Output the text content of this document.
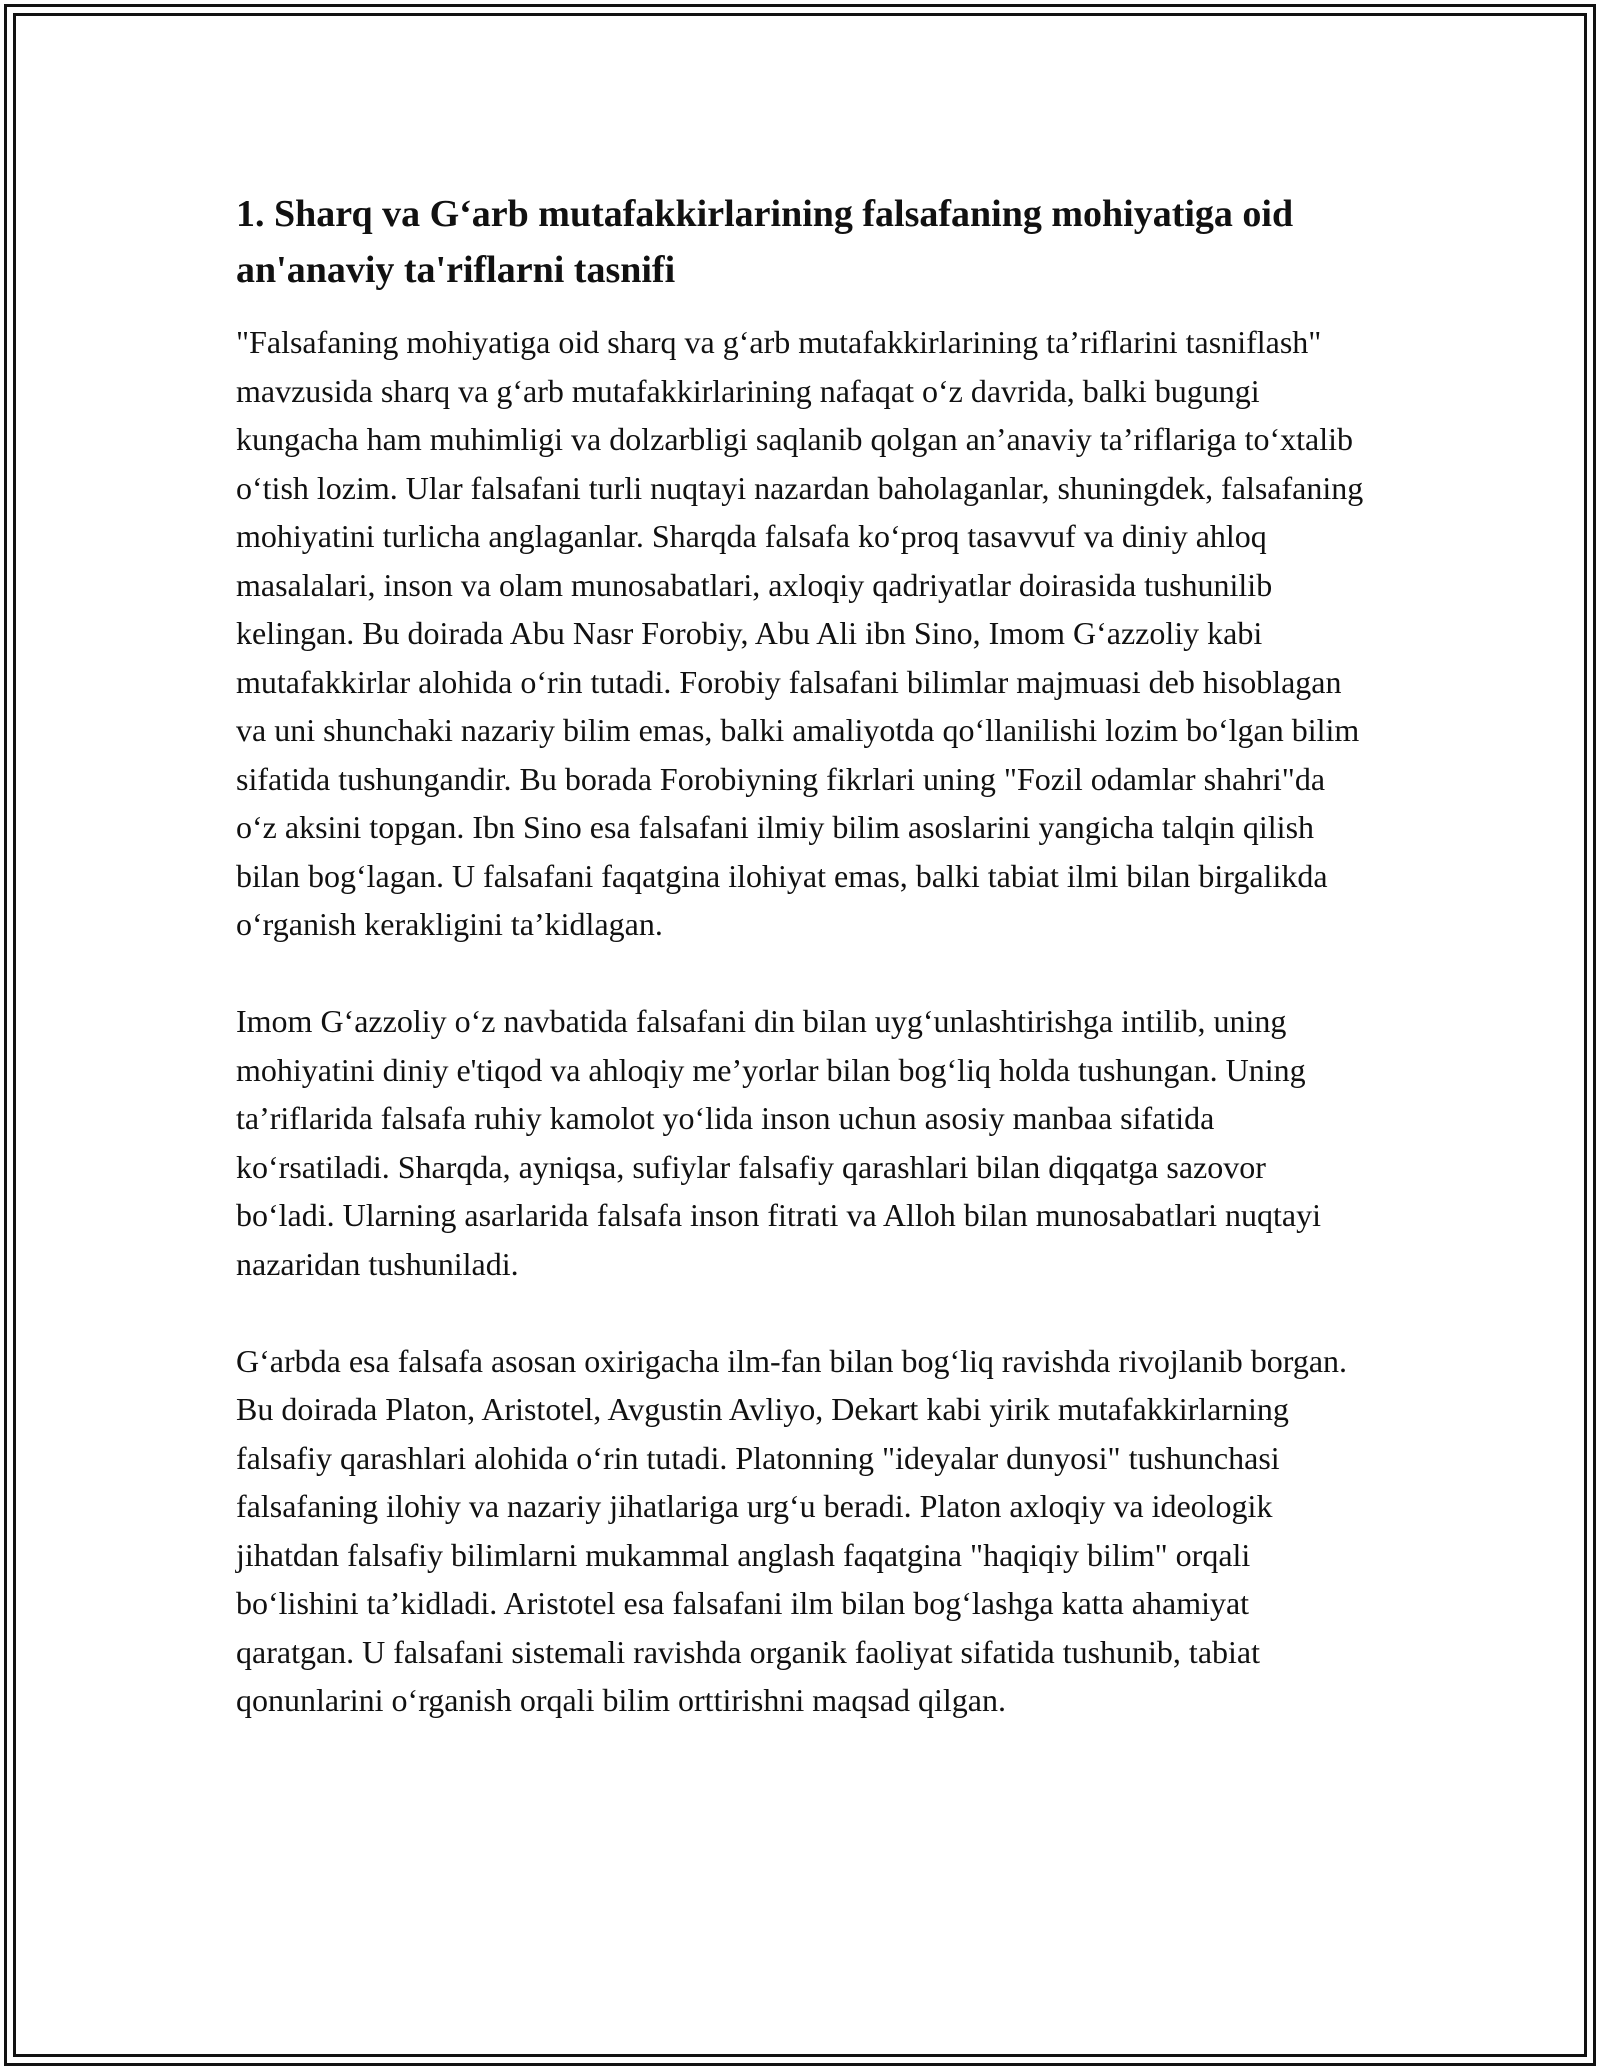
1. Sharq va G‘arb mutafakkirlarining falsafaning mohiyatiga oid an'anaviy ta'riflarni tasnifi

"Falsafaning mohiyatiga oid sharq va g‘arb mutafakkirlarining ta’riflarini tasniflash" mavzusida sharq va g‘arb mutafakkirlarining nafaqat o‘z davrida, balki bugungi kungacha ham muhimligi va dolzarbligi saqlanib qolgan an’anaviy ta’riflariga to‘xtalib o‘tish lozim. Ular falsafani turli nuqtayi nazardan baholaganlar, shuningdek, falsafaning mohiyatini turlicha anglaganlar. Sharqda falsafa ko‘proq tasavvuf va diniy ahloq masalalari, inson va olam munosabatlari, axloqiy qadriyatlar doirasida tushunilib kelingan. Bu doirada Abu Nasr Forobiy, Abu Ali ibn Sino, Imom G‘azzoliy kabi mutafakkirlar alohida o‘rin tutadi. Forobiy falsafani bilimlar majmuasi deb hisoblagan va uni shunchaki nazariy bilim emas, balki amaliyotda qo‘llanilishi lozim bo‘lgan bilim sifatida tushungandir. Bu borada Forobiyning fikrlari uning "Fozil odamlar shahri"da o‘z aksini topgan. Ibn Sino esa falsafani ilmiy bilim asoslarini yangicha talqin qilish bilan bog‘lagan. U falsafani faqatgina ilohiyat emas, balki tabiat ilmi bilan birgalikda o‘rganish kerakligini ta’kidlagan.

Imom G‘azzoliy o‘z navbatida falsafani din bilan uyg‘unlashtirishga intilib, uning mohiyatini diniy e'tiqod va ahloqiy me’yorlar bilan bog‘liq holda tushungan. Uning ta’riflarida falsafa ruhiy kamolot yo‘lida inson uchun asosiy manbaa sifatida ko‘rsatiladi. Sharqda, ayniqsa, sufiylar falsafiy qarashlari bilan diqqatga sazovor bo‘ladi. Ularning asarlarida falsafa inson fitrati va Alloh bilan munosabatlari nuqtayi nazaridan tushuniladi.

G‘arbda esa falsafa asosan oxirigacha ilm-fan bilan bog‘liq ravishda rivojlanib borgan. Bu doirada Platon, Aristotel, Avgustin Avliyo, Dekart kabi yirik mutafakkirlarning falsafiy qarashlari alohida o‘rin tutadi. Platonning "ideyalar dunyosi" tushunchasi falsafaning ilohiy va nazariy jihatlariga urg‘u beradi. Platon axloqiy va ideologik jihatdan falsafiy bilimlarni mukammal anglash faqatgina "haqiqiy bilim" orqali bo‘lishini ta’kidladi. Aristotel esa falsafani ilm bilan bog‘lashga katta ahamiyat qaratgan. U falsafani sistemali ravishda organik faoliyat sifatida tushunib, tabiat qonunlarini o‘rganish orqali bilim orttirishni maqsad qilgan.
